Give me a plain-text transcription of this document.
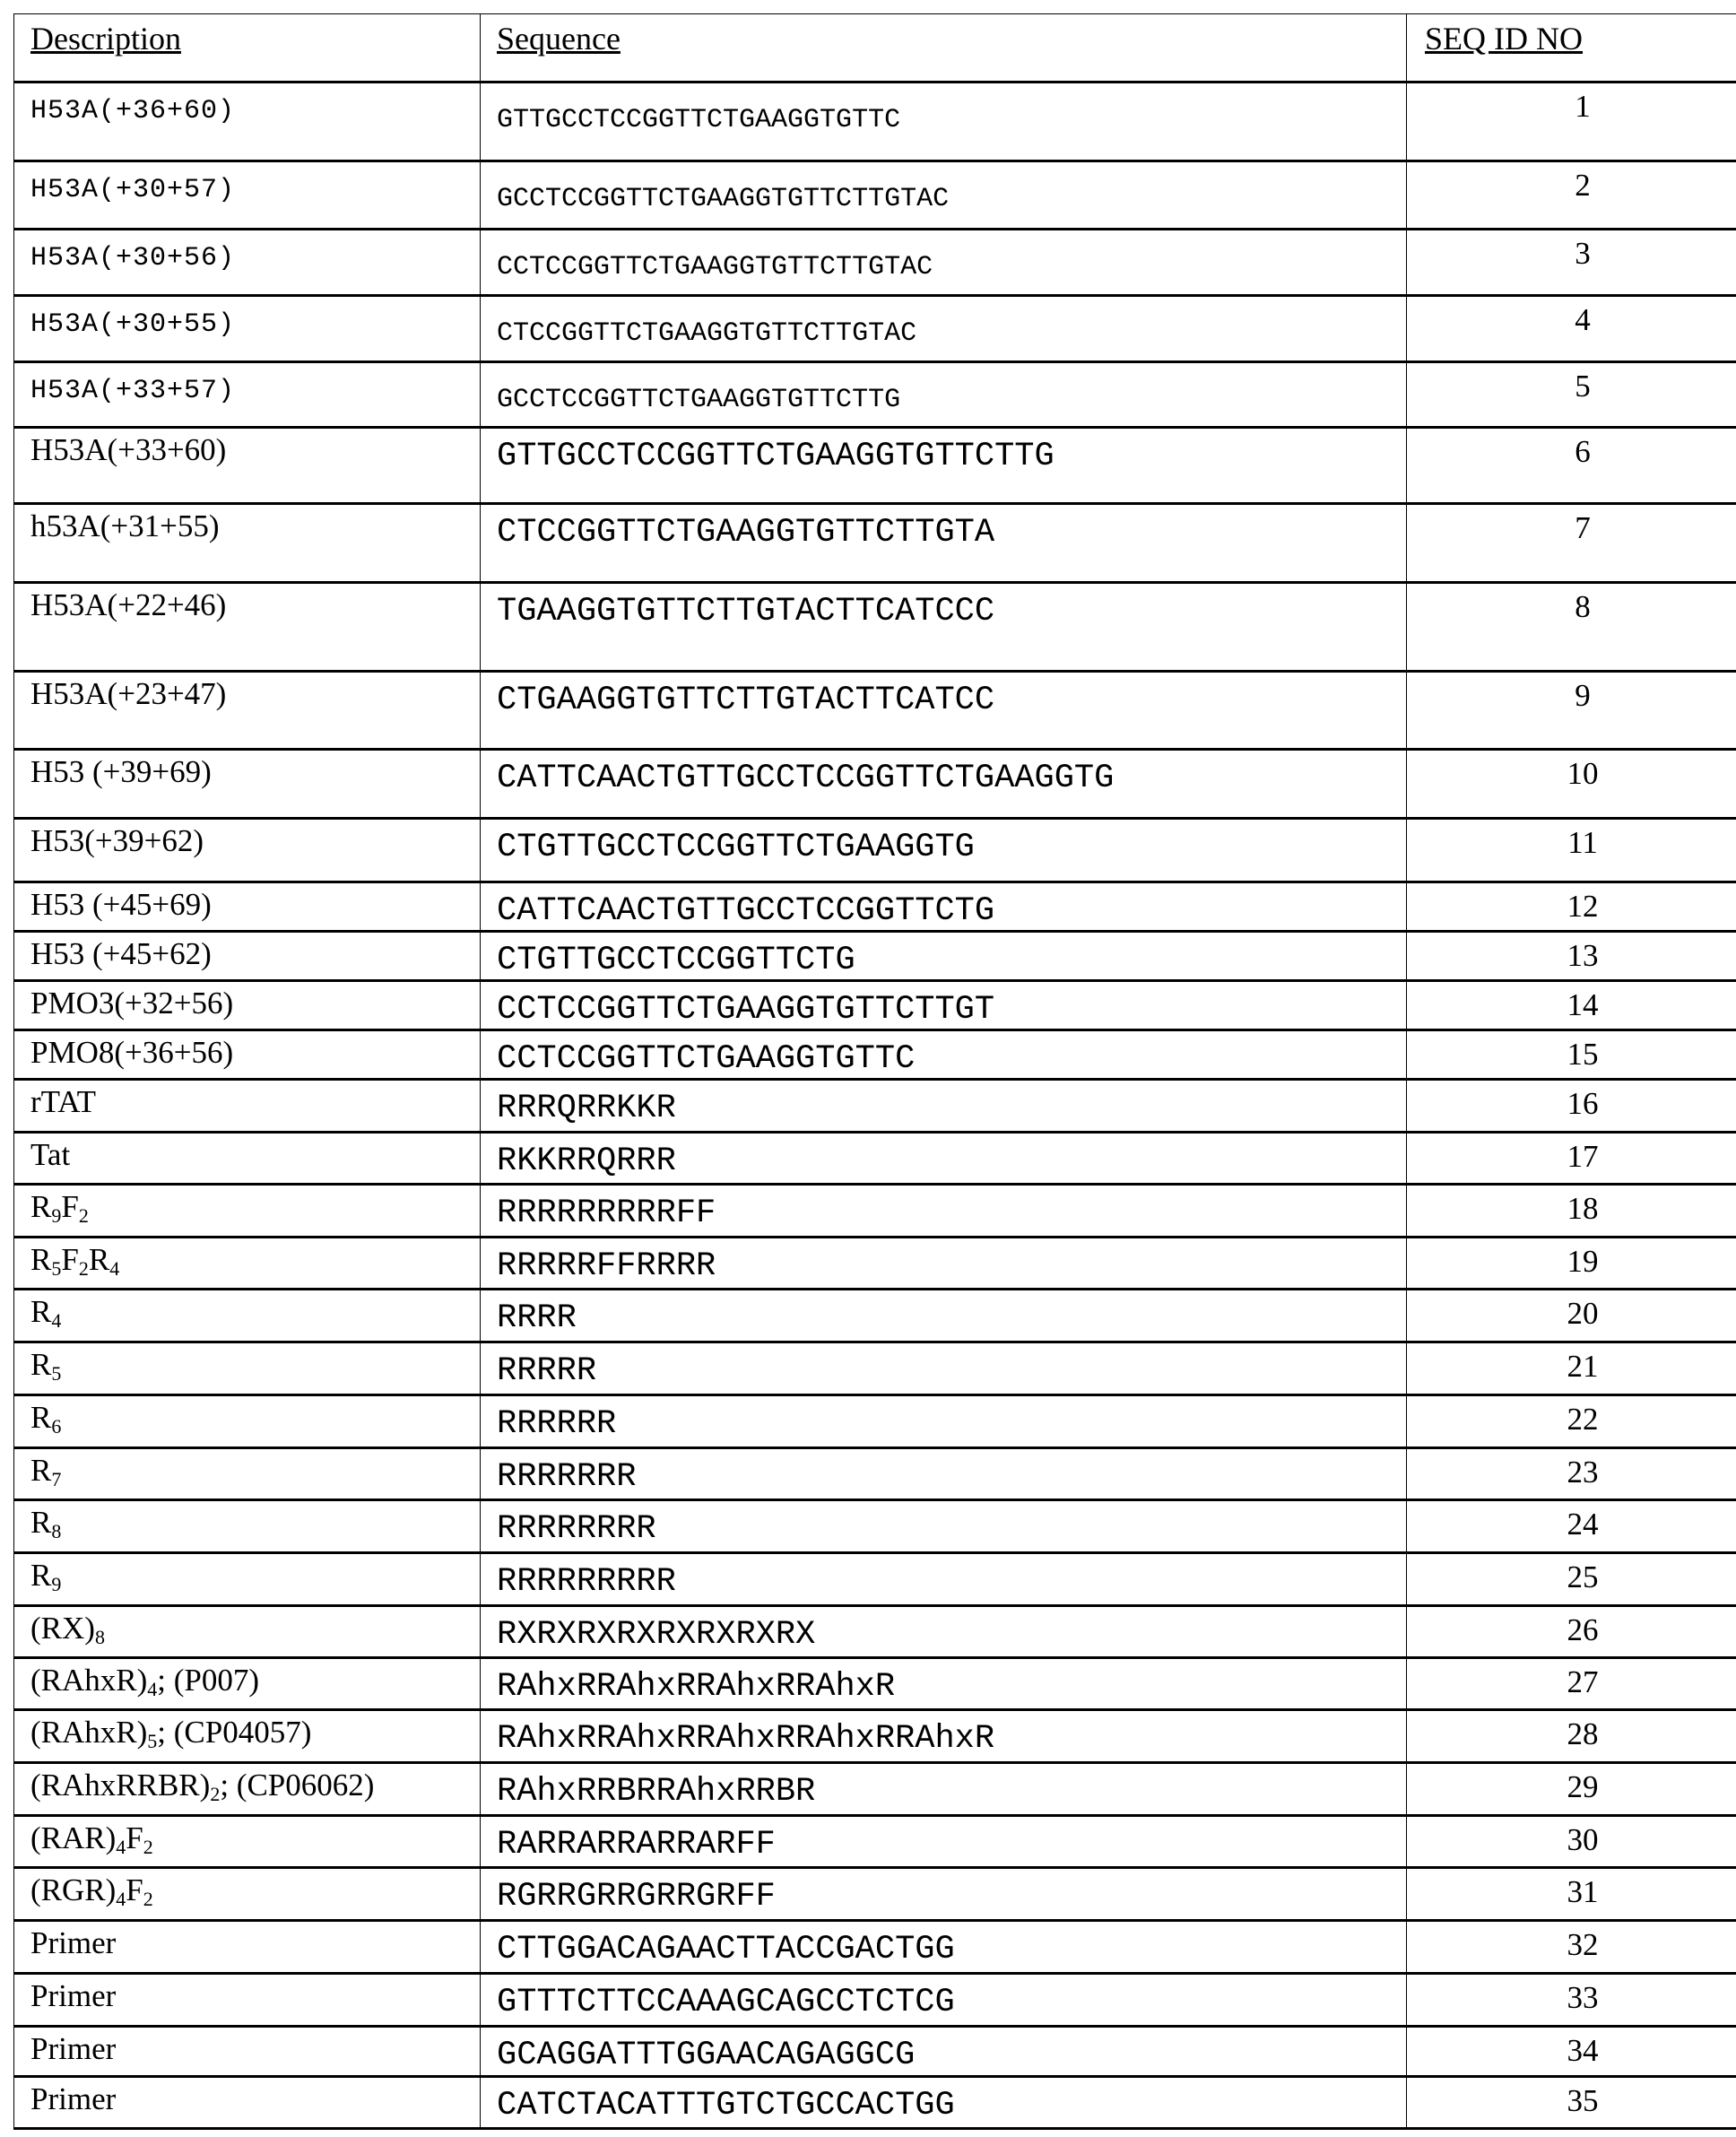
Description	Sequence	SEQ ID NO
H53A(+36+60)	GTTGCCTCCGGTTCTGAAGGTGTTC	1
H53A(+30+57)	GCCTCCGGTTCTGAAGGTGTTCTTGTAC	2
H53A(+30+56)	CCTCCGGTTCTGAAGGTGTTCTTGTAC	3
H53A(+30+55)	CTCCGGTTCTGAAGGTGTTCTTGTAC	4
H53A(+33+57)	GCCTCCGGTTCTGAAGGTGTTCTTG	5
H53A(+33+60)	GTTGCCTCCGGTTCTGAAGGTGTTCTTG	6
h53A(+31+55)	CTCCGGTTCTGAAGGTGTTCTTGTA	7
H53A(+22+46)	TGAAGGTGTTCTTGTACTTCATCCC	8
H53A(+23+47)	CTGAAGGTGTTCTTGTACTTCATCC	9
H53 (+39+69)	CATTCAACTGTTGCCTCCGGTTCTGAAGGTG	10
H53(+39+62)	CTGTTGCCTCCGGTTCTGAAGGTG	11
H53 (+45+69)	CATTCAACTGTTGCCTCCGGTTCTG	12
H53 (+45+62)	CTGTTGCCTCCGGTTCTG	13
PMO3(+32+56)	CCTCCGGTTCTGAAGGTGTTCTTGT	14
PMO8(+36+56)	CCTCCGGTTCTGAAGGTGTTC	15
rTAT	RRRQRRKKR	16
Tat	RKKRRQRRR	17
R9F2	RRRRRRRRRFF	18
R5F2R4	RRRRRFFRRRR	19
R4	RRRR	20
R5	RRRRR	21
R6	RRRRRR	22
R7	RRRRRRR	23
R8	RRRRRRRR	24
R9	RRRRRRRRR	25
(RX)8	RXRXRXRXRXRXRXRX	26
(RAhxR)4; (P007)	RAhxRRAhxRRAhxRRAhxR	27
(RAhxR)5; (CP04057)	RAhxRRAhxRRAhxRRAhxRRAhxR	28
(RAhxRRBR)2; (CP06062)	RAhxRRBRRAhxRRBR	29
(RAR)4F2	RARRARRARRARFF	30
(RGR)4F2	RGRRGRRGRRGRFF	31
Primer	CTTGGACAGAACTTACCGACTGG	32
Primer	GTTTCTTCCAAAGCAGCCTCTCG	33
Primer	GCAGGATTTGGAACAGAGGCG	34
Primer	CATCTACATTTGTCTGCCACTGG	35
